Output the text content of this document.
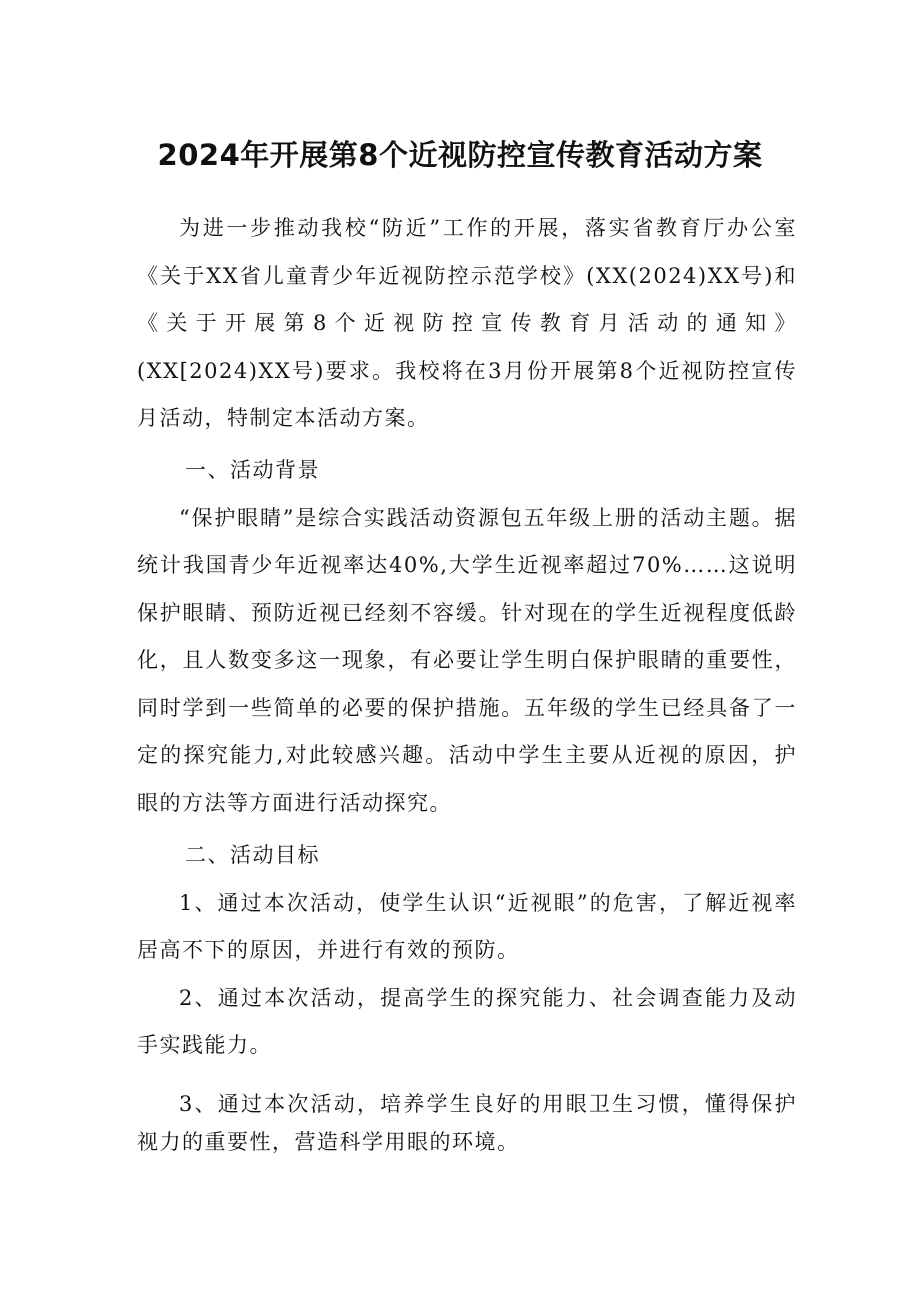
2024年开展第8个近视防控宣传教育活动方案

为进一步推动我校“防近”工作的开展，落实省教育厅办公室《关于XX省儿童青少年近视防控示范学校》(XX(2024)XX号)和《关于开展第8个近视防控宣传教育月活动的通知》(XX[2024)XX号)要求。我校将在3月份开展第8个近视防控宣传月活动，特制定本活动方案。

一、活动背景

“保护眼睛”是综合实践活动资源包五年级上册的活动主题。据统计我国青少年近视率达40%,大学生近视率超过70%……这说明保护眼睛、预防近视已经刻不容缓。针对现在的学生近视程度低龄化，且人数变多这一现象，有必要让学生明白保护眼睛的重要性，同时学到一些简单的必要的保护措施。五年级的学生已经具备了一定的探究能力,对此较感兴趣。活动中学生主要从近视的原因，护眼的方法等方面进行活动探究。

二、活动目标

1、通过本次活动，使学生认识“近视眼”的危害，了解近视率居高不下的原因，并进行有效的预防。

2、通过本次活动，提高学生的探究能力、社会调查能力及动手实践能力。

3、通过本次活动，培养学生良好的用眼卫生习惯，懂得保护视力的重要性，营造科学用眼的环境。
